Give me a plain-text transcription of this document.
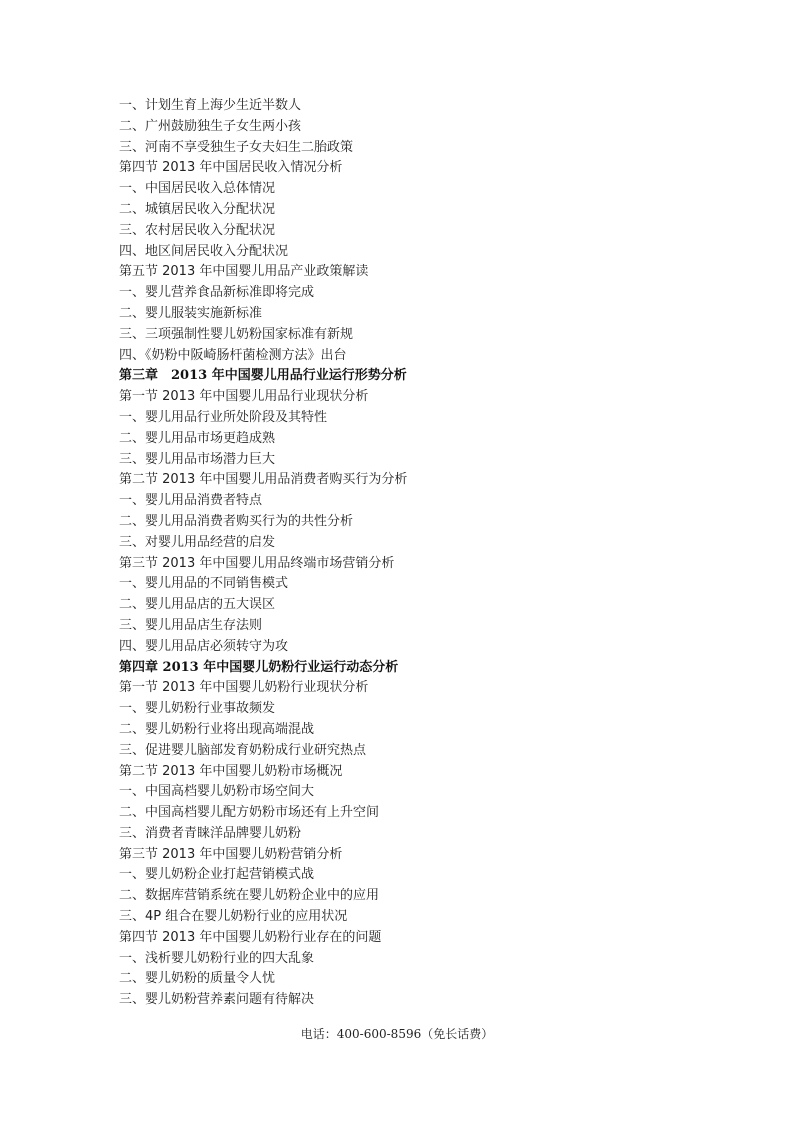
一、计划生育上海少生近半数人
二、广州鼓励独生子女生两小孩
三、河南不享受独生子女夫妇生二胎政策
第四节 2013 年中国居民收入情况分析
一、中国居民收入总体情况
二、城镇居民收入分配状况
三、农村居民收入分配状况
四、地区间居民收入分配状况
第五节 2013 年中国婴儿用品产业政策解读
一、婴儿营养食品新标准即将完成
二、婴儿服装实施新标准
三、三项强制性婴儿奶粉国家标准有新规
四、《奶粉中阪崎肠杆菌检测方法》出台
第三章　2013 年中国婴儿用品行业运行形势分析
第一节 2013 年中国婴儿用品行业现状分析
一、婴儿用品行业所处阶段及其特性
二、婴儿用品市场更趋成熟
三、婴儿用品市场潜力巨大
第二节 2013 年中国婴儿用品消费者购买行为分析
一、婴儿用品消费者特点
二、婴儿用品消费者购买行为的共性分析
三、对婴儿用品经营的启发
第三节 2013 年中国婴儿用品终端市场营销分析
一、婴儿用品的不同销售模式
二、婴儿用品店的五大误区
三、婴儿用品店生存法则
四、婴儿用品店必须转守为攻
第四章 2013 年中国婴儿奶粉行业运行动态分析
第一节 2013 年中国婴儿奶粉行业现状分析
一、婴儿奶粉行业事故频发
二、婴儿奶粉行业将出现高端混战
三、促进婴儿脑部发育奶粉成行业研究热点
第二节 2013 年中国婴儿奶粉市场概况
一、中国高档婴儿奶粉市场空间大
二、中国高档婴儿配方奶粉市场还有上升空间
三、消费者青睐洋品牌婴儿奶粉
第三节 2013 年中国婴儿奶粉营销分析
一、婴儿奶粉企业打起营销模式战
二、数据库营销系统在婴儿奶粉企业中的应用
三、4P 组合在婴儿奶粉行业的应用状况
第四节 2013 年中国婴儿奶粉行业存在的问题
一、浅析婴儿奶粉行业的四大乱象
二、婴儿奶粉的质量令人忧
三、婴儿奶粉营养素问题有待解决
电话：400-600-8596（免长话费）
